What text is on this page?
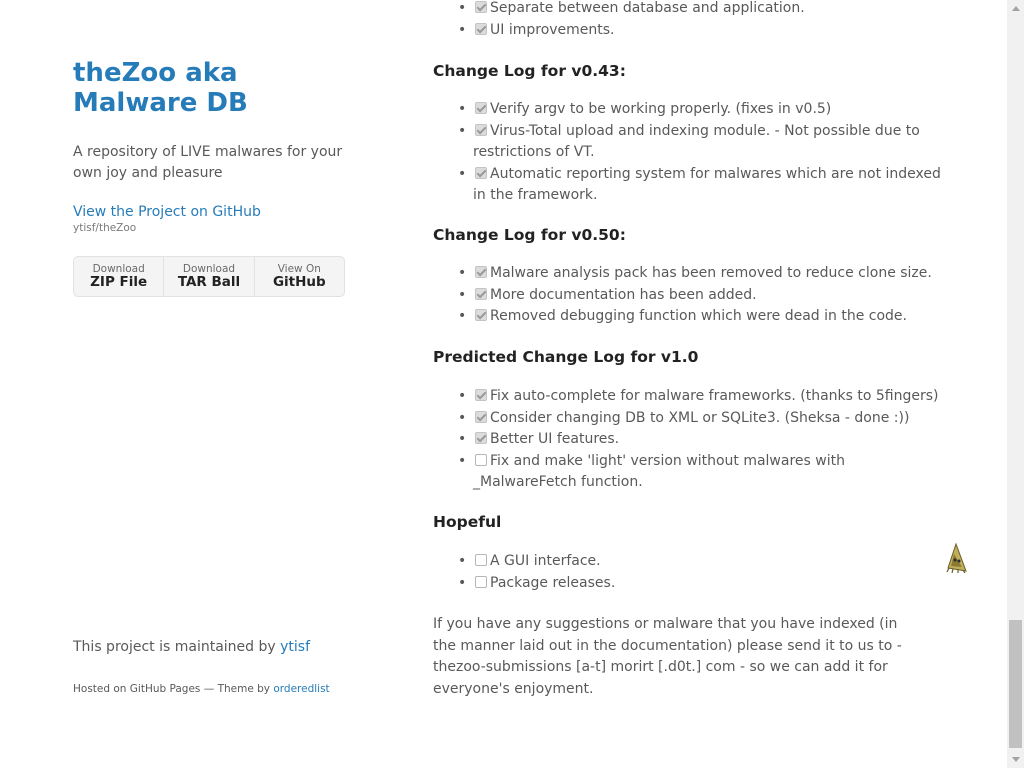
theZoo aka
Malware DB

A repository of LIVE malwares for your own joy and pleasure

View the Project on GitHub
ytisf/theZoo
Download
ZIP File
Download
TAR Ball
View On
GitHub
This project is maintained by ytisf
Hosted on GitHub Pages — Theme by orderedlist
• Separate between database and application.
• UI improvements.
Change Log for v0.43:
• Verify argv to be working properly. (fixes in v0.5)
• Virus-Total upload and indexing module. - Not possible due to restrictions of VT.
• Automatic reporting system for malwares which are not indexed in the framework.
Change Log for v0.50:
• Malware analysis pack has been removed to reduce clone size.
• More documentation has been added.
• Removed debugging function which were dead in the code.
Predicted Change Log for v1.0
• Fix auto-complete for malware frameworks. (thanks to 5fingers)
• Consider changing DB to XML or SQLite3. (Sheksa - done :))
• Better UI features.
• Fix and make 'light' version without malwares with _MalwareFetch function.
Hopeful
• A GUI interface.
• Package releases.

If you have any suggestions or malware that you have indexed (in the manner laid out in the documentation) please send it to us to - thezoo-submissions [a-t] morirt [.d0t.] com - so we can add it for everyone's enjoyment.
